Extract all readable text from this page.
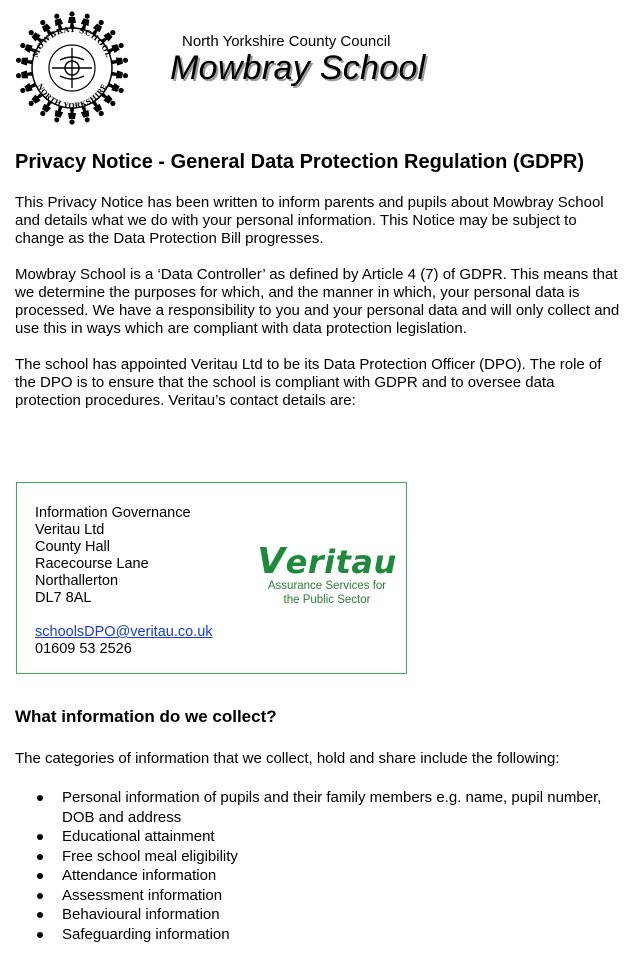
MOWBRAY SCHOOL
NORTH YORKSHIRE
North Yorkshire County Council
Mowbray School
Privacy Notice - General Data Protection Regulation (GDPR)

This Privacy Notice has been written to inform parents and pupils about Mowbray School and details what we do with your personal information. This Notice may be subject to change as the Data Protection Bill progresses.

Mowbray School is a ‘Data Controller’ as defined by Article 4 (7) of GDPR. This means that we determine the purposes for which, and the manner in which, your personal data is processed. We have a responsibility to you and your personal data and will only collect and use this in ways which are compliant with data protection legislation.

The school has appointed Veritau Ltd to be its Data Protection Officer (DPO). The role of the DPO is to ensure that the school is compliant with GDPR and to oversee data protection procedures. Veritau’s contact details are:

Information Governance
Veritau Ltd
County Hall
Racecourse Lane
Northallerton
DL7 8AL
schoolsDPO@veritau.co.uk
01609 53 2526
Veritau
Assurance Services for
the Public Sector
What information do we collect?
The categories of information that we collect, hold and share include the following:
Personal information of pupils and their family members e.g. name, pupil number, DOB and address
Educational attainment
Free school meal eligibility
Attendance information
Assessment information
Behavioural information
Safeguarding information
